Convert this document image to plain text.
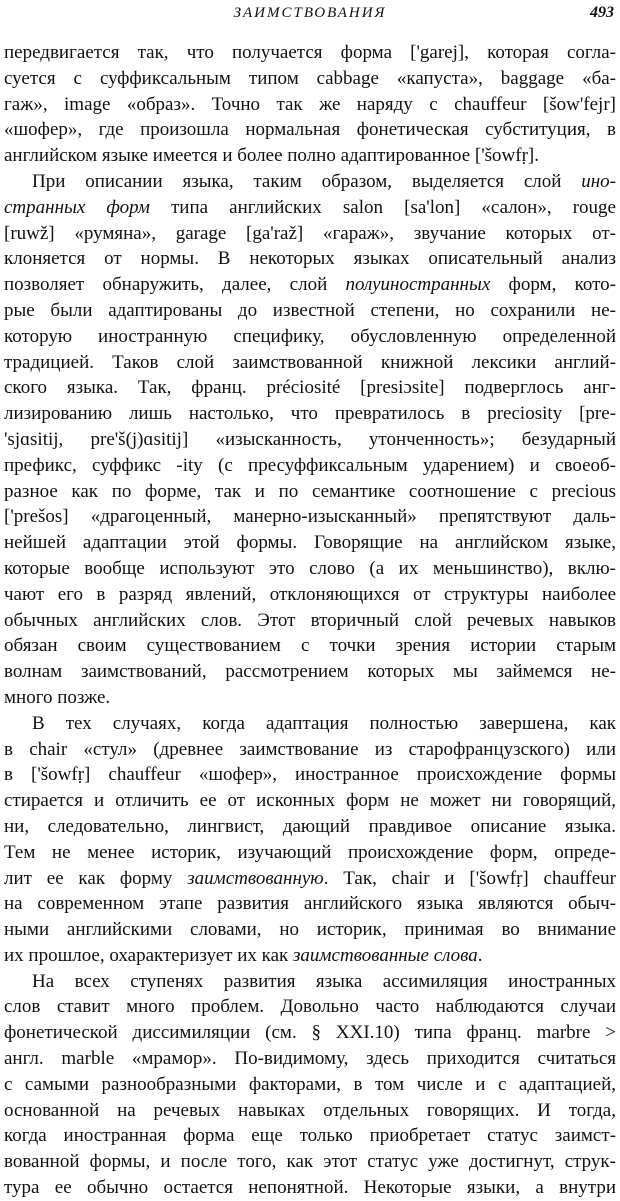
ЗАИМСТВОВАНИЯ	493
передвигается так, что получается форма ['garej], которая согла-
суется с суффиксальным типом cabbage «капуста», baggage «ба-
гаж», image «образ». Точно так же наряду с chauffeur [šow'fejr]
«шофер», где произошла нормальная фонетическая субституция, в
английском языке имеется и более полно адаптированное ['šowfṛ].
При описании языка, таким образом, выделяется слой ино-
странных форм типа английских salon [sa'lon] «салон», rouge
[ruwž] «румяна», garage [ga'raž] «гараж», звучание которых от-
клоняется от нормы. В некоторых языках описательный анализ
позволяет обнаружить, далее, слой полуиностранных форм, кото-
рые были адаптированы до известной степени, но сохранили не-
которую иностранную специфику, обусловленную определенной
традицией. Таков слой заимствованной книжной лексики англий-
ского языка. Так, франц. préciosité [presiɔsite] подверглось анг-
лизированию лишь настолько, что превратилось в preciosity [pre-
'sjɑsitij, pre'š(j)ɑsitij] «изысканность, утонченность»; безударный
префикс, суффикс -ity (с пресуффиксальным ударением) и своеоб-
разное как по форме, так и по семантике соотношение с precious
['prešos] «драгоценный, манерно-изысканный» препятствуют даль-
нейшей адаптации этой формы. Говорящие на английском языке,
которые вообще используют это слово (а их меньшинство), вклю-
чают его в разряд явлений, отклоняющихся от структуры наиболее
обычных английских слов. Этот вторичный слой речевых навыков
обязан своим существованием с точки зрения истории старым
волнам заимствований, рассмотрением которых мы займемся не-
много позже.
В тех случаях, когда адаптация полностью завершена, как
в chair «стул» (древнее заимствование из старофранцузского) или
в ['šowfṛ] chauffeur «шофер», иностранное происхождение формы
стирается и отличить ее от исконных форм не может ни говорящий,
ни, следовательно, лингвист, дающий правдивое описание языка.
Тем не менее историк, изучающий происхождение форм, опреде-
лит ее как форму заимствованную. Так, chair и ['šowfṛ] chauffeur
на современном этапе развития английского языка являются обыч-
ными английскими словами, но историк, принимая во внимание
их прошлое, охарактеризует их как заимствованные слова.
На всех ступенях развития языка ассимиляция иностранных
слов ставит много проблем. Довольно часто наблюдаются случаи
фонетической диссимиляции (см. § XXI.10) типа франц. marbre >
англ. marble «мрамор». По-видимому, здесь приходится считаться
с самыми разнообразными факторами, в том числе и с адаптацией,
основанной на речевых навыках отдельных говорящих. И тогда,
когда иностранная форма еще только приобретает статус заимст-
вованной формы, и после того, как этот статус уже достигнут, струк-
тура ее обычно остается непонятной. Некоторые языки, а внутри
